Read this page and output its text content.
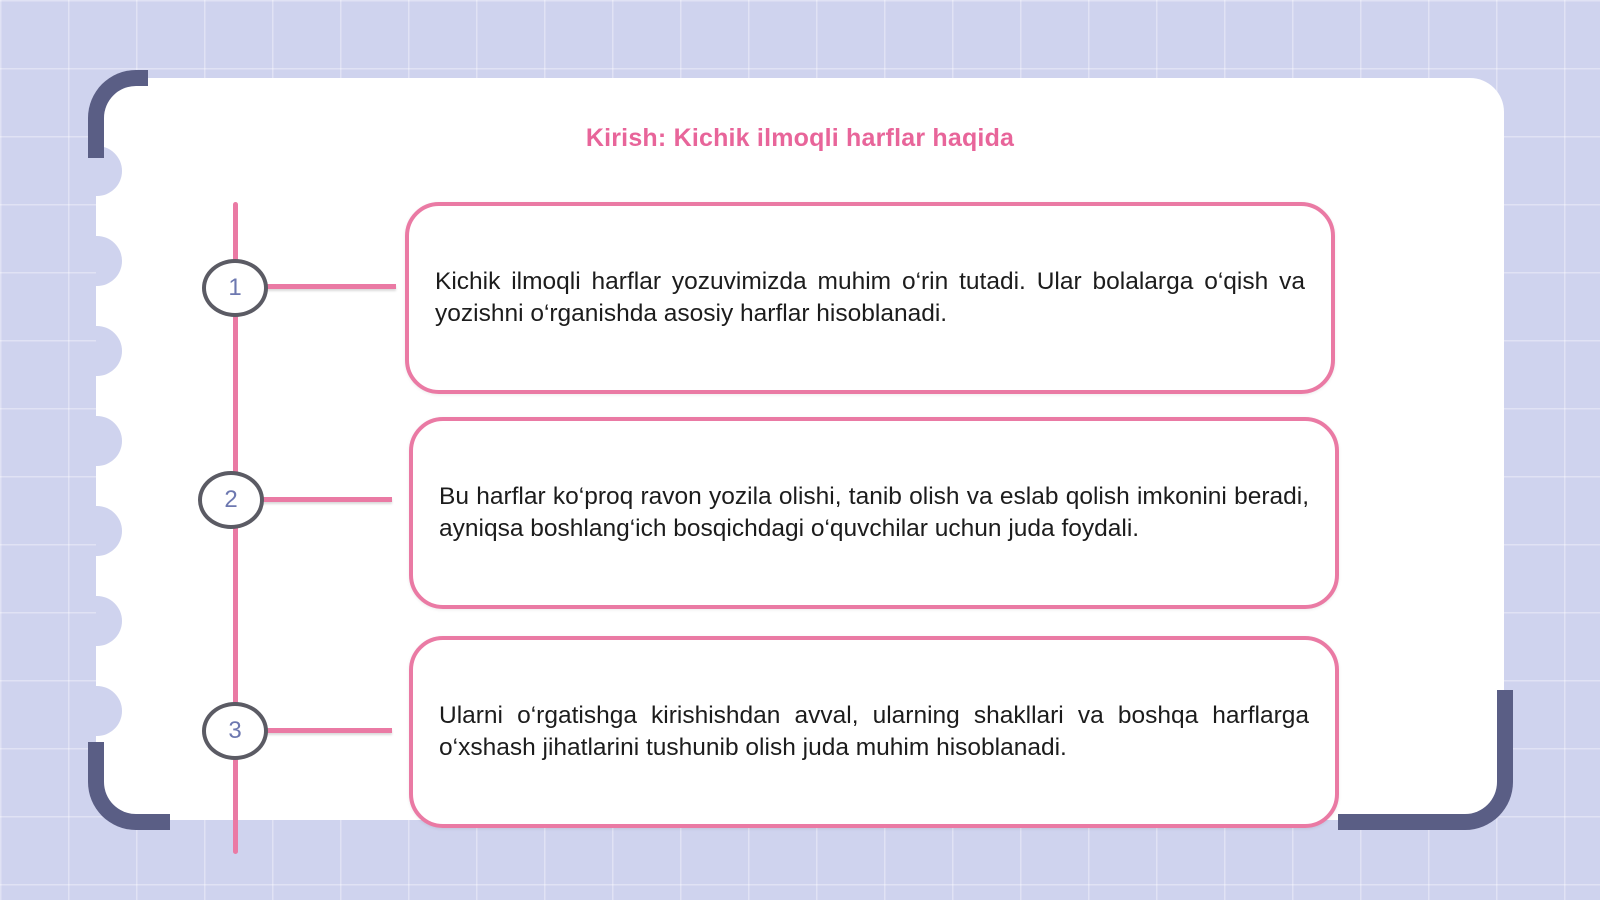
Kirish: Kichik ilmoqli harflar haqida
1
2
3

Kichik ilmoqli harflar yozuvimizda muhim o‘rin tutadi. Ular bolalarga o‘qish va yozishni o‘rganishda asosiy harflar hisoblanadi.

Bu harflar ko‘proq ravon yozila olishi, tanib olish va eslab qolish imkonini beradi, ayniqsa boshlang‘ich bosqichdagi o‘quvchilar uchun juda foydali.

Ularni o‘rgatishga kirishishdan avval, ularning shakllari va boshqa harflarga o‘xshash jihatlarini tushunib olish juda muhim hisoblanadi.
